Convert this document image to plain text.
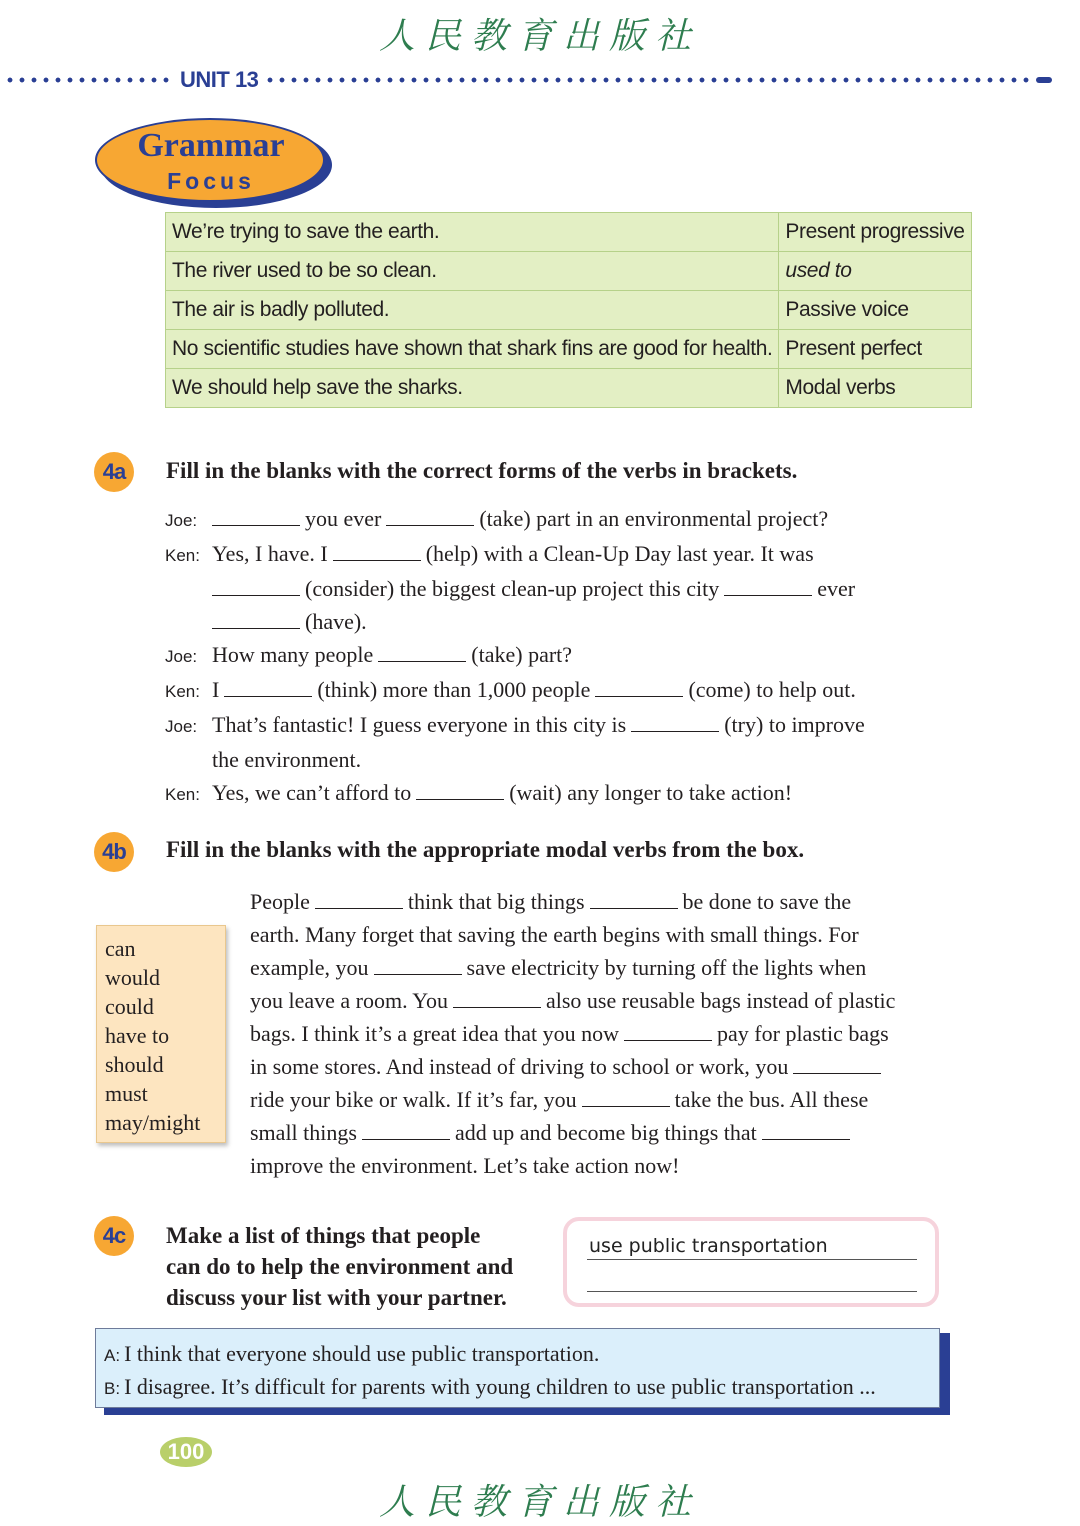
人民教育出版社
UNIT 13
Grammar
Focus
We’re trying to save the earth.	Present progressive
The river used to be so clean.	used to
The air is badly polluted.	Passive voice
No scientific studies have shown that shark fins are good for health.	Present perfect
We should help save the sharks.	Modal verbs
4a	Fill in the blanks with the correct forms of the verbs in brackets.
Joe:	you ever	(take) part in an environmental project?
Ken: Yes, I have. I	(help) with a Clean-Up Day last year. It was
(consider) the biggest clean-up project this city	ever
(have).
Joe: How many people	(take) part?
Ken: I	(think) more than 1,000 people	(come) to help out.
Joe: That’s fantastic! I guess everyone in this city is	(try) to improve
the environment.
Ken: Yes, we can’t afford to	(wait) any longer to take action!
4b	Fill in the blanks with the appropriate modal verbs from the box.
can
would
could
have to
should
must
may/might
People	think that big things	be done to save the
earth. Many forget that saving the earth begins with small things. For
example, you	save electricity by turning off the lights when
you leave a room. You	also use reusable bags instead of plastic
bags. I think it’s a great idea that you now	pay for plastic bags
in some stores. And instead of driving to school or work, you
ride your bike or walk. If it’s far, you	take the bus. All these
small things	add up and become big things that
improve the environment. Let’s take action now!
4c	Make a list of things that people
can do to help the environment and
discuss your list with your partner.
use public transportation
A: I think that everyone should use public transportation.
B: I disagree. It’s difficult for parents with young children to use public transportation ...
100
人民教育出版社
